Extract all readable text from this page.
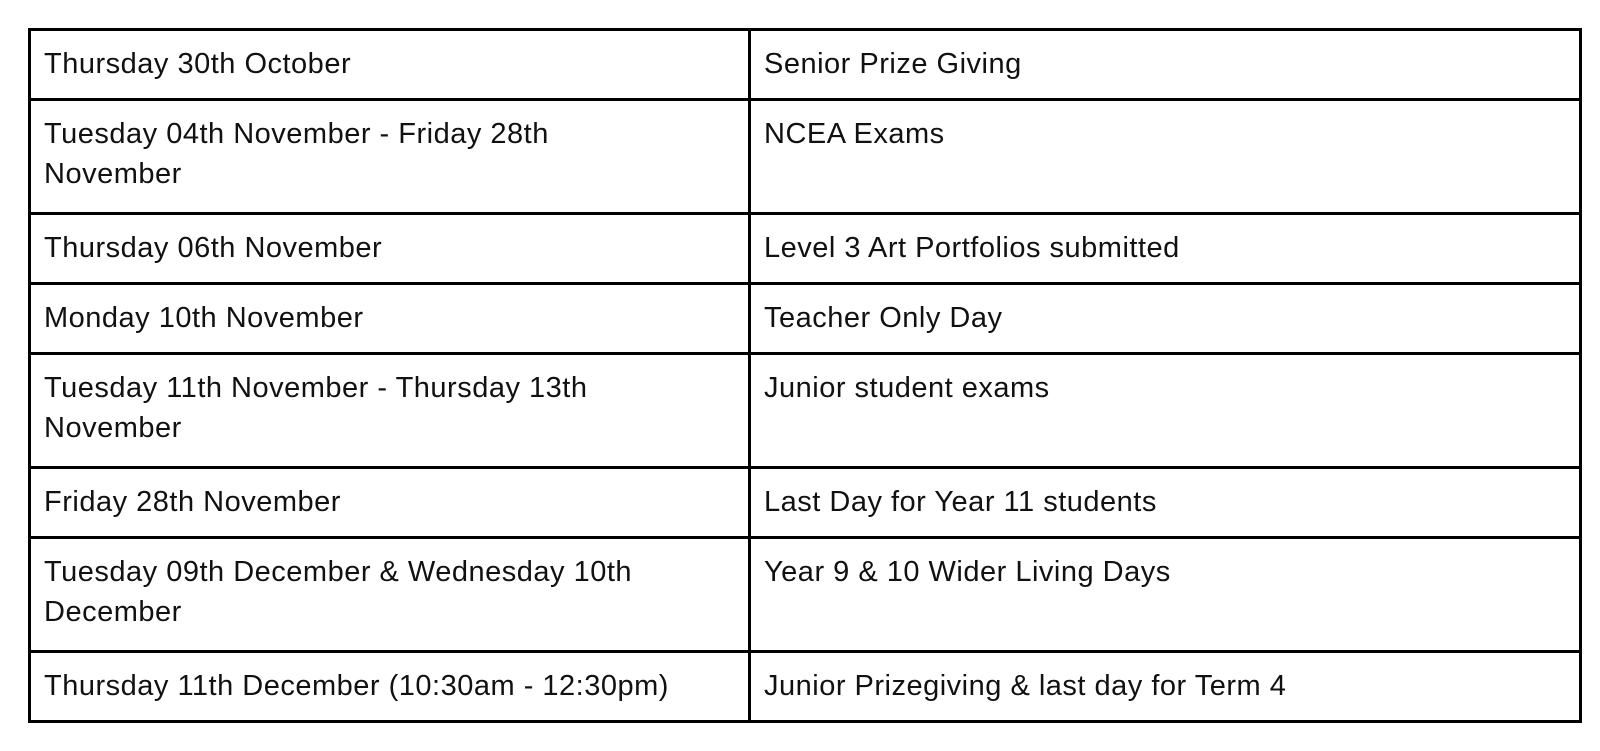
Thursday 30th October	Senior Prize Giving

Tuesday 04th November - Friday 28th
November	NCEA Exams

Thursday 06th November	Level 3 Art Portfolios submitted

Monday 10th November	Teacher Only Day

Tuesday 11th November - Thursday 13th
November	Junior student exams

Friday 28th November	Last Day for Year 11 students

Tuesday 09th December & Wednesday 10th
December	Year 9 & 10 Wider Living Days

Thursday 11th December (10:30am - 12:30pm)	Junior Prizegiving & last day for Term 4
